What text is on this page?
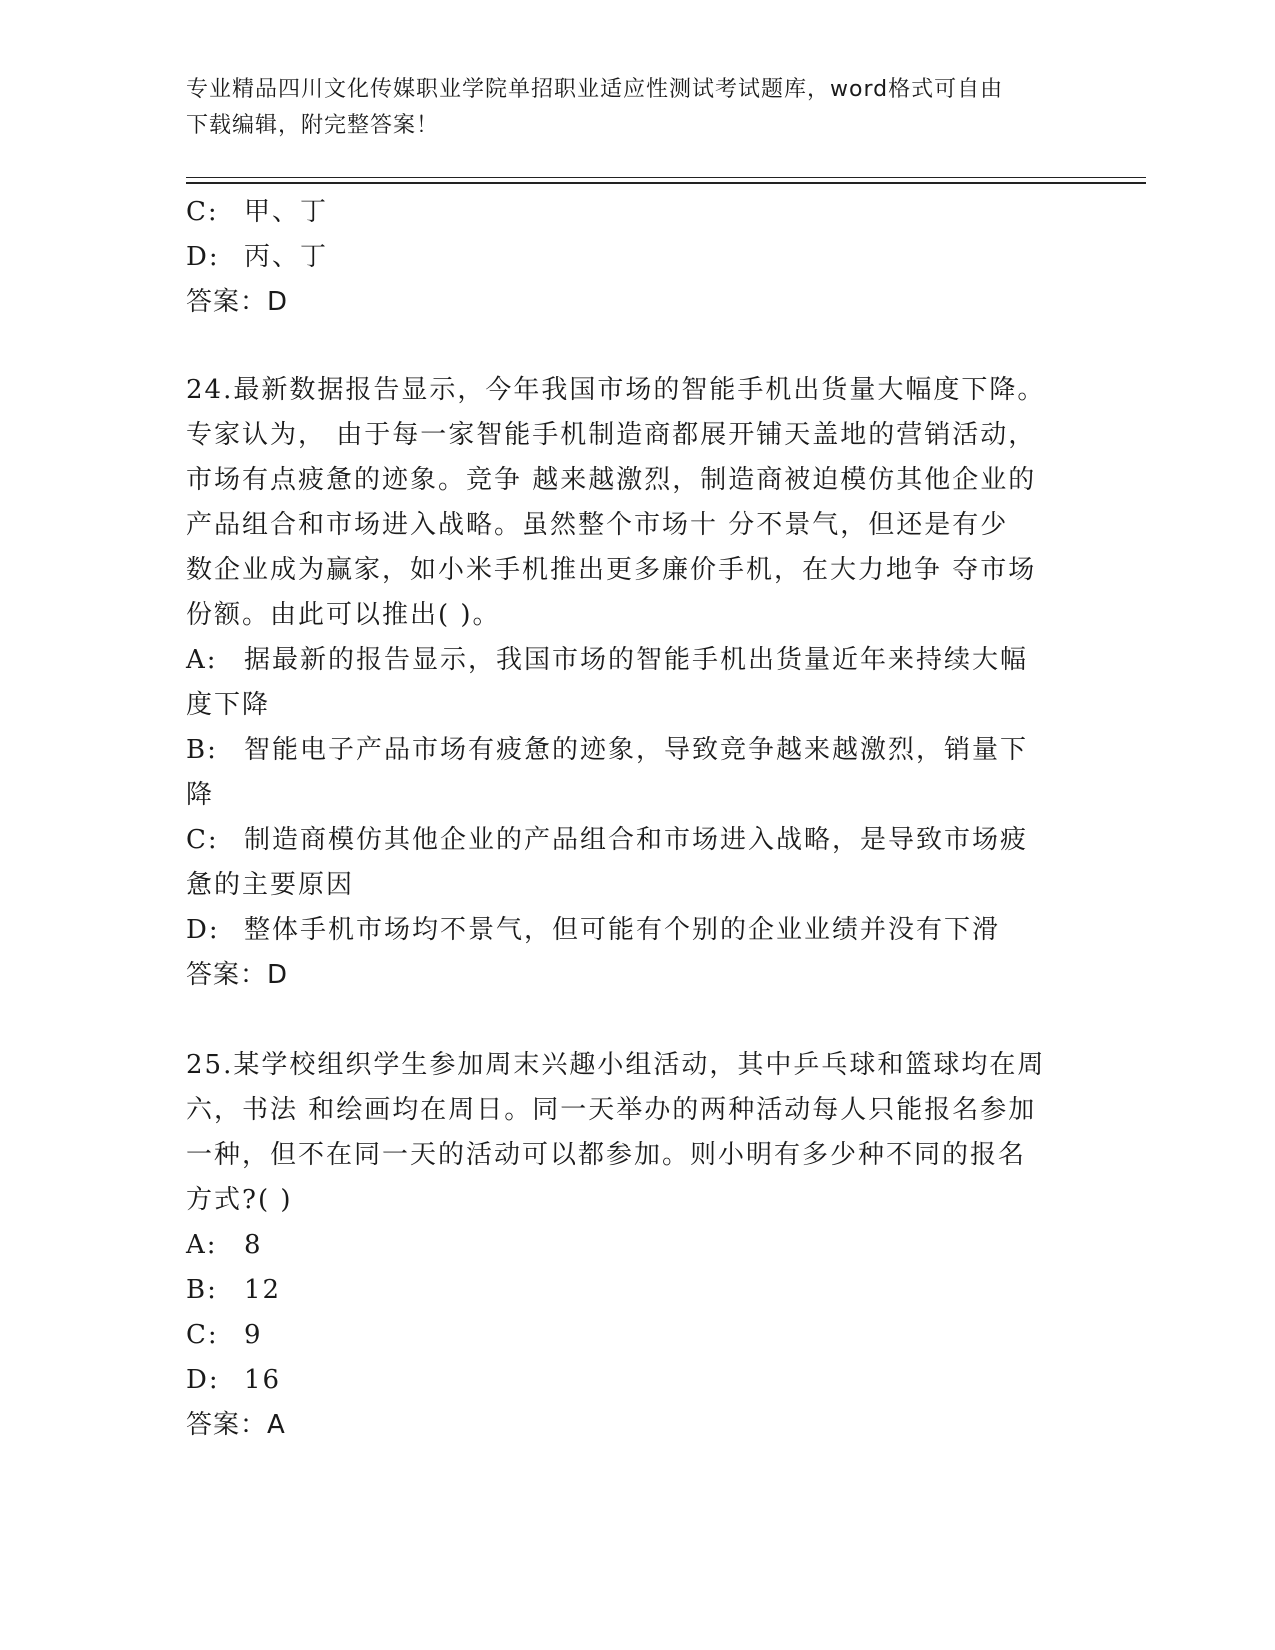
专业精品四川文化传媒职业学院单招职业适应性测试考试题库，word格式可自由
下载编辑，附完整答案！
C: 甲、丁
D: 丙、丁
答案：D
24.最新数据报告显示，今年我国市场的智能手机出货量大幅度下降。
专家认为， 由于每一家智能手机制造商都展开铺天盖地的营销活动，
市场有点疲惫的迹象。竞争 越来越激烈，制造商被迫模仿其他企业的
产品组合和市场进入战略。虽然整个市场十 分不景气，但还是有少
数企业成为赢家，如小米手机推出更多廉价手机，在大力地争 夺市场
份额。由此可以推出( )。
A: 据最新的报告显示，我国市场的智能手机出货量近年来持续大幅
度下降
B: 智能电子产品市场有疲惫的迹象，导致竞争越来越激烈，销量下
降
C: 制造商模仿其他企业的产品组合和市场进入战略，是导致市场疲
惫的主要原因
D: 整体手机市场均不景气，但可能有个别的企业业绩并没有下滑
答案：D
25.某学校组织学生参加周末兴趣小组活动，其中乒乓球和篮球均在周
六，书法 和绘画均在周日。同一天举办的两种活动每人只能报名参加
一种，但不在同一天的活动可以都参加。则小明有多少种不同的报名
方式?( )
A: 8
B: 12
C: 9
D: 16
答案：A
